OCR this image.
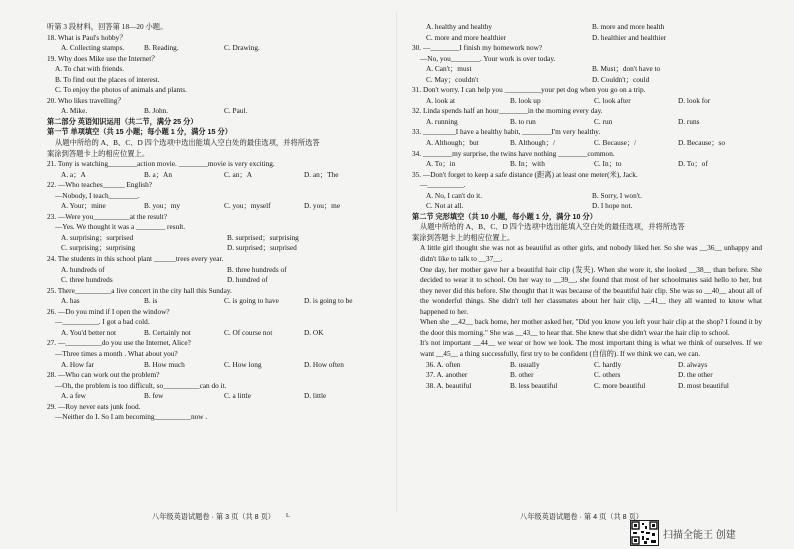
听第 3 段材料，回答第 18—20 小题。
18. What is Paul's hobby？
A. Collecting stamps.	B. Reading.	C. Drawing.
19. Why does Mike use the Internet？
A. To chat with friends.
B. To find out the places of interest.
C. To enjoy the photos of animals and plants.
20. Who likes travelling？
A. Mike.	B. John.	C. Paul.
第二部分 英语知识运用（共二节，满分 25 分）
第一节 单项填空（共 15 小题；每小题 1 分，满分 15 分）
从题中所给的 A、B、C、D 四个选项中选出能填入空白处的最佳选项，并将所选答
案涂到答题卡上的相应位置上。
21. Tony is watching________action movie. ________movie is very exciting.
A. a；A	B. a；An	C. an；A	D. an；The
22. —Who teaches______ English?
—Nobody, I teach________.
A. Your；mine	B. you；my	C. you；myself	D. you；me
23. —Were you__________at the result?
—Yes. We thought it was a ________ result.
A. surprising；surprised	B. surprised；surprising
C. surprising；surprising	D. surprised；surprised
24. The students in this school plant ______trees every year.
A. hundreds of	B. three hundreds of
C. three hundreds	D. hundred of
25. There__________a live concert in the city hall this Sunday.
A. has	B. is	C. is going to have	D. is going to be
26. —Do you mind if I open the window?
—__________. I got a bad cold.
A. You'd better not	B. Certainly not	C. Of course not	D. OK
27. —__________do you use the Internet, Alice?
—Three times a month . What about you?
A. How far	B. How much	C. How long	D. How often
28. —Who can work out the problem?
—Oh, the problem is too difficult, so__________can do it.
A. a few	B. few	C. a little	D. little
29. —Roy never eats junk food.
—Neither do I. So I am becoming__________now .
A. healthy and healthy	B. more and more health
C. more and more healthier	D. healthier and healthier
30. —________I finish my homework now?
—No, you________. Your work is over today.
A. Can't；must	B. Must；don't have to
C. May；couldn't	D. Couldn't；could
31. Don't worry. I can help you __________your pet dog when you go on a trip.
A. look at	B. look up	C. look after	D. look for
32. Linda spends half an hour________in the morning every day.
A. running	B. to run	C. run	D. runs
33. _________I have a healthy habit, ________I'm very healthy.
A. Although；but	B. Although；/	C. Because；/	D. Because；so
34. ________my surprise, the twins have nothing ________common.
A. To；in	B. In；with	C. In；to	D. To；of
35. —Don't forget to keep a safe distance (距离) at least one meter(米), Jack.
—__________.
A. No, I can't do it.	B. Sorry, I won't.
C. Not at all.	D. I hope not.
第二节 完形填空（共 10 小题，每小题 1 分，满分 10 分）
从题中所给的 A、B、C、D 四个选项中选出能填入空白处的最佳选项，并将所选答
案涂到答题卡上的相应位置上。
A little girl thought she was not as beautiful as other girls, and nobody liked her. So she was __36__ unhappy and didn't like to talk to __37__.
One day, her mother gave her a beautiful hair clip (发夹). When she wore it, she looked __38__ than before. She decided to wear it to school. On her way to __39__, she found that most of her schoolmates said hello to her, but they never did this before. She thought that it was because of the beautiful hair clip. She was so __40__ about all of the wonderful things. She didn't tell her classmates about her hair clip, __41__ they all wanted to know what happened to her.
When she __42__ back home, her mother asked her, "Did you know you left your hair clip at the shop? I found it by the door this morning." She was __43__ to hear that. She knew that she didn't wear the hair clip to school.
It's not important __44__ we wear or how we look. The most important thing is what we think of ourselves. If we want __45__ a thing successfully, first try to be confident (自信的). If we think we can, we can.
36. A. often	B. usually	C. hardly	D. always
37. A. another	B. other	C. others	D. the other
38. A. beautiful	B. less beautiful	C. more beautiful	D. most beautiful
八年级英语试题卷 · 第 3 页（共 8 页）	八年级英语试题卷 · 第 4 页（共 8 页）
L
扫描全能王 创建
